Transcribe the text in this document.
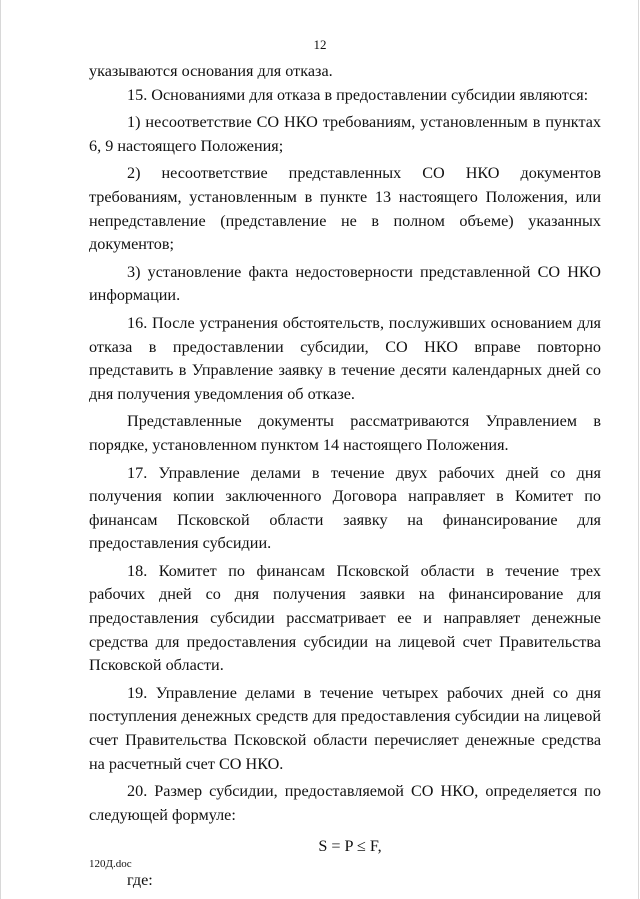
12

указываются основания для отказа.

15. Основаниями для отказа в предоставлении субсидии являются:

1) несоответствие СО НКО требованиям, установленным в пунктах 6, 9 настоящего Положения;

2) несоответствие представленных СО НКО документов требованиям, установленным в пункте 13 настоящего Положения, или непредставление (представление не в полном объеме) указанных документов;

3) установление факта недостоверности представленной СО НКО информации.

16. После устранения обстоятельств, послуживших основанием для отказа в предоставлении субсидии, СО НКО вправе повторно представить в Управление заявку в течение десяти календарных дней со дня получения уведомления об отказе.

Представленные документы рассматриваются Управлением в порядке, установленном пунктом 14 настоящего Положения.

17. Управление делами в течение двух рабочих дней со дня получения копии заключенного Договора направляет в Комитет по финансам Псковской области заявку на финансирование для предоставления субсидии.

18. Комитет по финансам Псковской области в течение трех рабочих дней со дня получения заявки на финансирование для предоставления субсидии рассматривает ее и направляет денежные средства для предоставления субсидии на лицевой счет Правительства Псковской области.

19. Управление делами в течение четырех рабочих дней со дня поступления денежных средств для предоставления субсидии на лицевой счет Правительства Псковской области перечисляет денежные средства на расчетный счет СО НКО.

20. Размер субсидии, предоставляемой СО НКО, определяется по следующей формуле:

S = P ≤ F,

где:

120Д.doc
